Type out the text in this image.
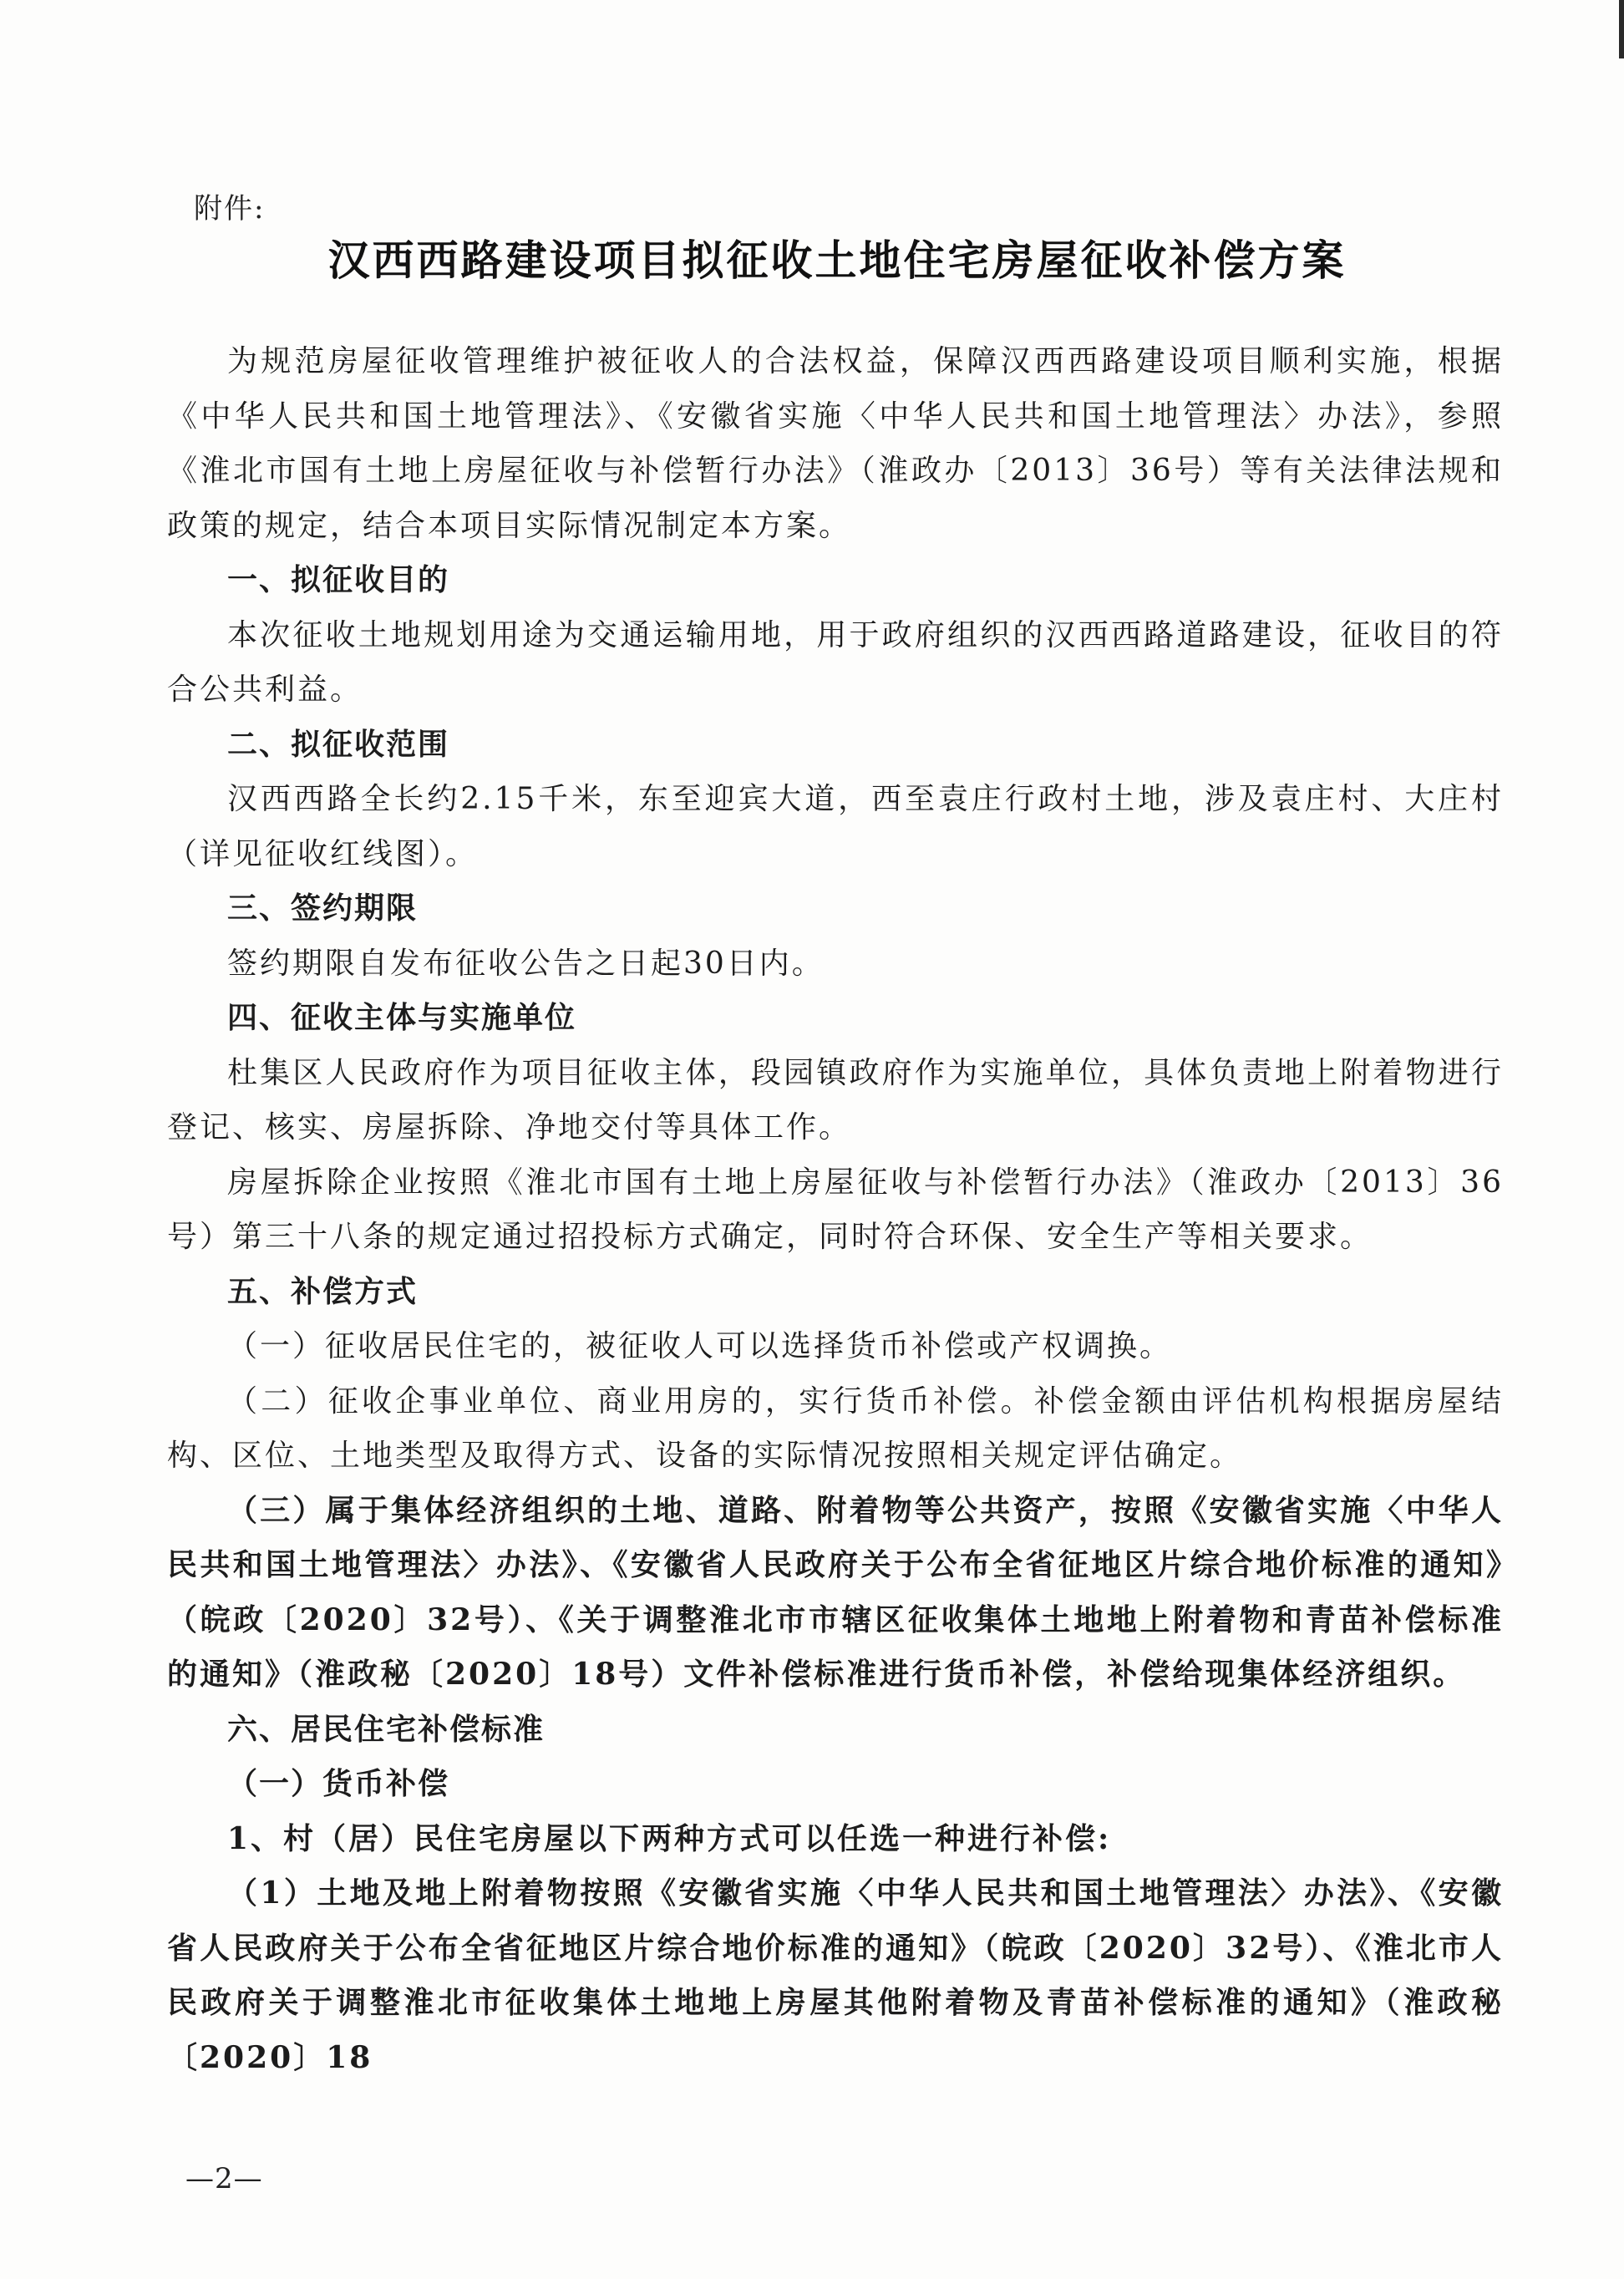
附件:
汉西西路建设项目拟征收土地住宅房屋征收补偿方案

为规范房屋征收管理维护被征收人的合法权益，保障汉西西路建设项目顺利实施，根据《中华人民共和国土地管理法》、《安徽省实施〈中华人民共和国土地管理法〉办法》，参照《淮北市国有土地上房屋征收与补偿暂行办法》（淮政办〔2013〕36号）等有关法律法规和政策的规定，结合本项目实际情况制定本方案。

一、拟征收目的

本次征收土地规划用途为交通运输用地，用于政府组织的汉西西路道路建设，征收目的符合公共利益。

二、拟征收范围

汉西西路全长约2.15千米，东至迎宾大道，西至袁庄行政村土地，涉及袁庄村、大庄村（详见征收红线图）。

三、签约期限

签约期限自发布征收公告之日起30日内。

四、征收主体与实施单位

杜集区人民政府作为项目征收主体，段园镇政府作为实施单位，具体负责地上附着物进行登记、核实、房屋拆除、净地交付等具体工作。

房屋拆除企业按照《淮北市国有土地上房屋征收与补偿暂行办法》（淮政办〔2013〕36号）第三十八条的规定通过招投标方式确定，同时符合环保、安全生产等相关要求。

五、补偿方式

（一）征收居民住宅的，被征收人可以选择货币补偿或产权调换。

（二）征收企事业单位、商业用房的，实行货币补偿。补偿金额由评估机构根据房屋结构、区位、土地类型及取得方式、设备的实际情况按照相关规定评估确定。

（三）属于集体经济组织的土地、道路、附着物等公共资产，按照《安徽省实施〈中华人民共和国土地管理法〉办法》、《安徽省人民政府关于公布全省征地区片综合地价标准的通知》（皖政〔2020〕32号）、《关于调整淮北市市辖区征收集体土地地上附着物和青苗补偿标准的通知》（淮政秘〔2020〕18号）文件补偿标准进行货币补偿，补偿给现集体经济组织。

六、居民住宅补偿标准

（一）货币补偿

1、村（居）民住宅房屋以下两种方式可以任选一种进行补偿:

（1）土地及地上附着物按照《安徽省实施〈中华人民共和国土地管理法〉办法》、《安徽省人民政府关于公布全省征地区片综合地价标准的通知》（皖政〔2020〕32号）、《淮北市人民政府关于调整淮北市征收集体土地地上房屋其他附着物及青苗补偿标准的通知》（淮政秘〔2020〕18

—2—
